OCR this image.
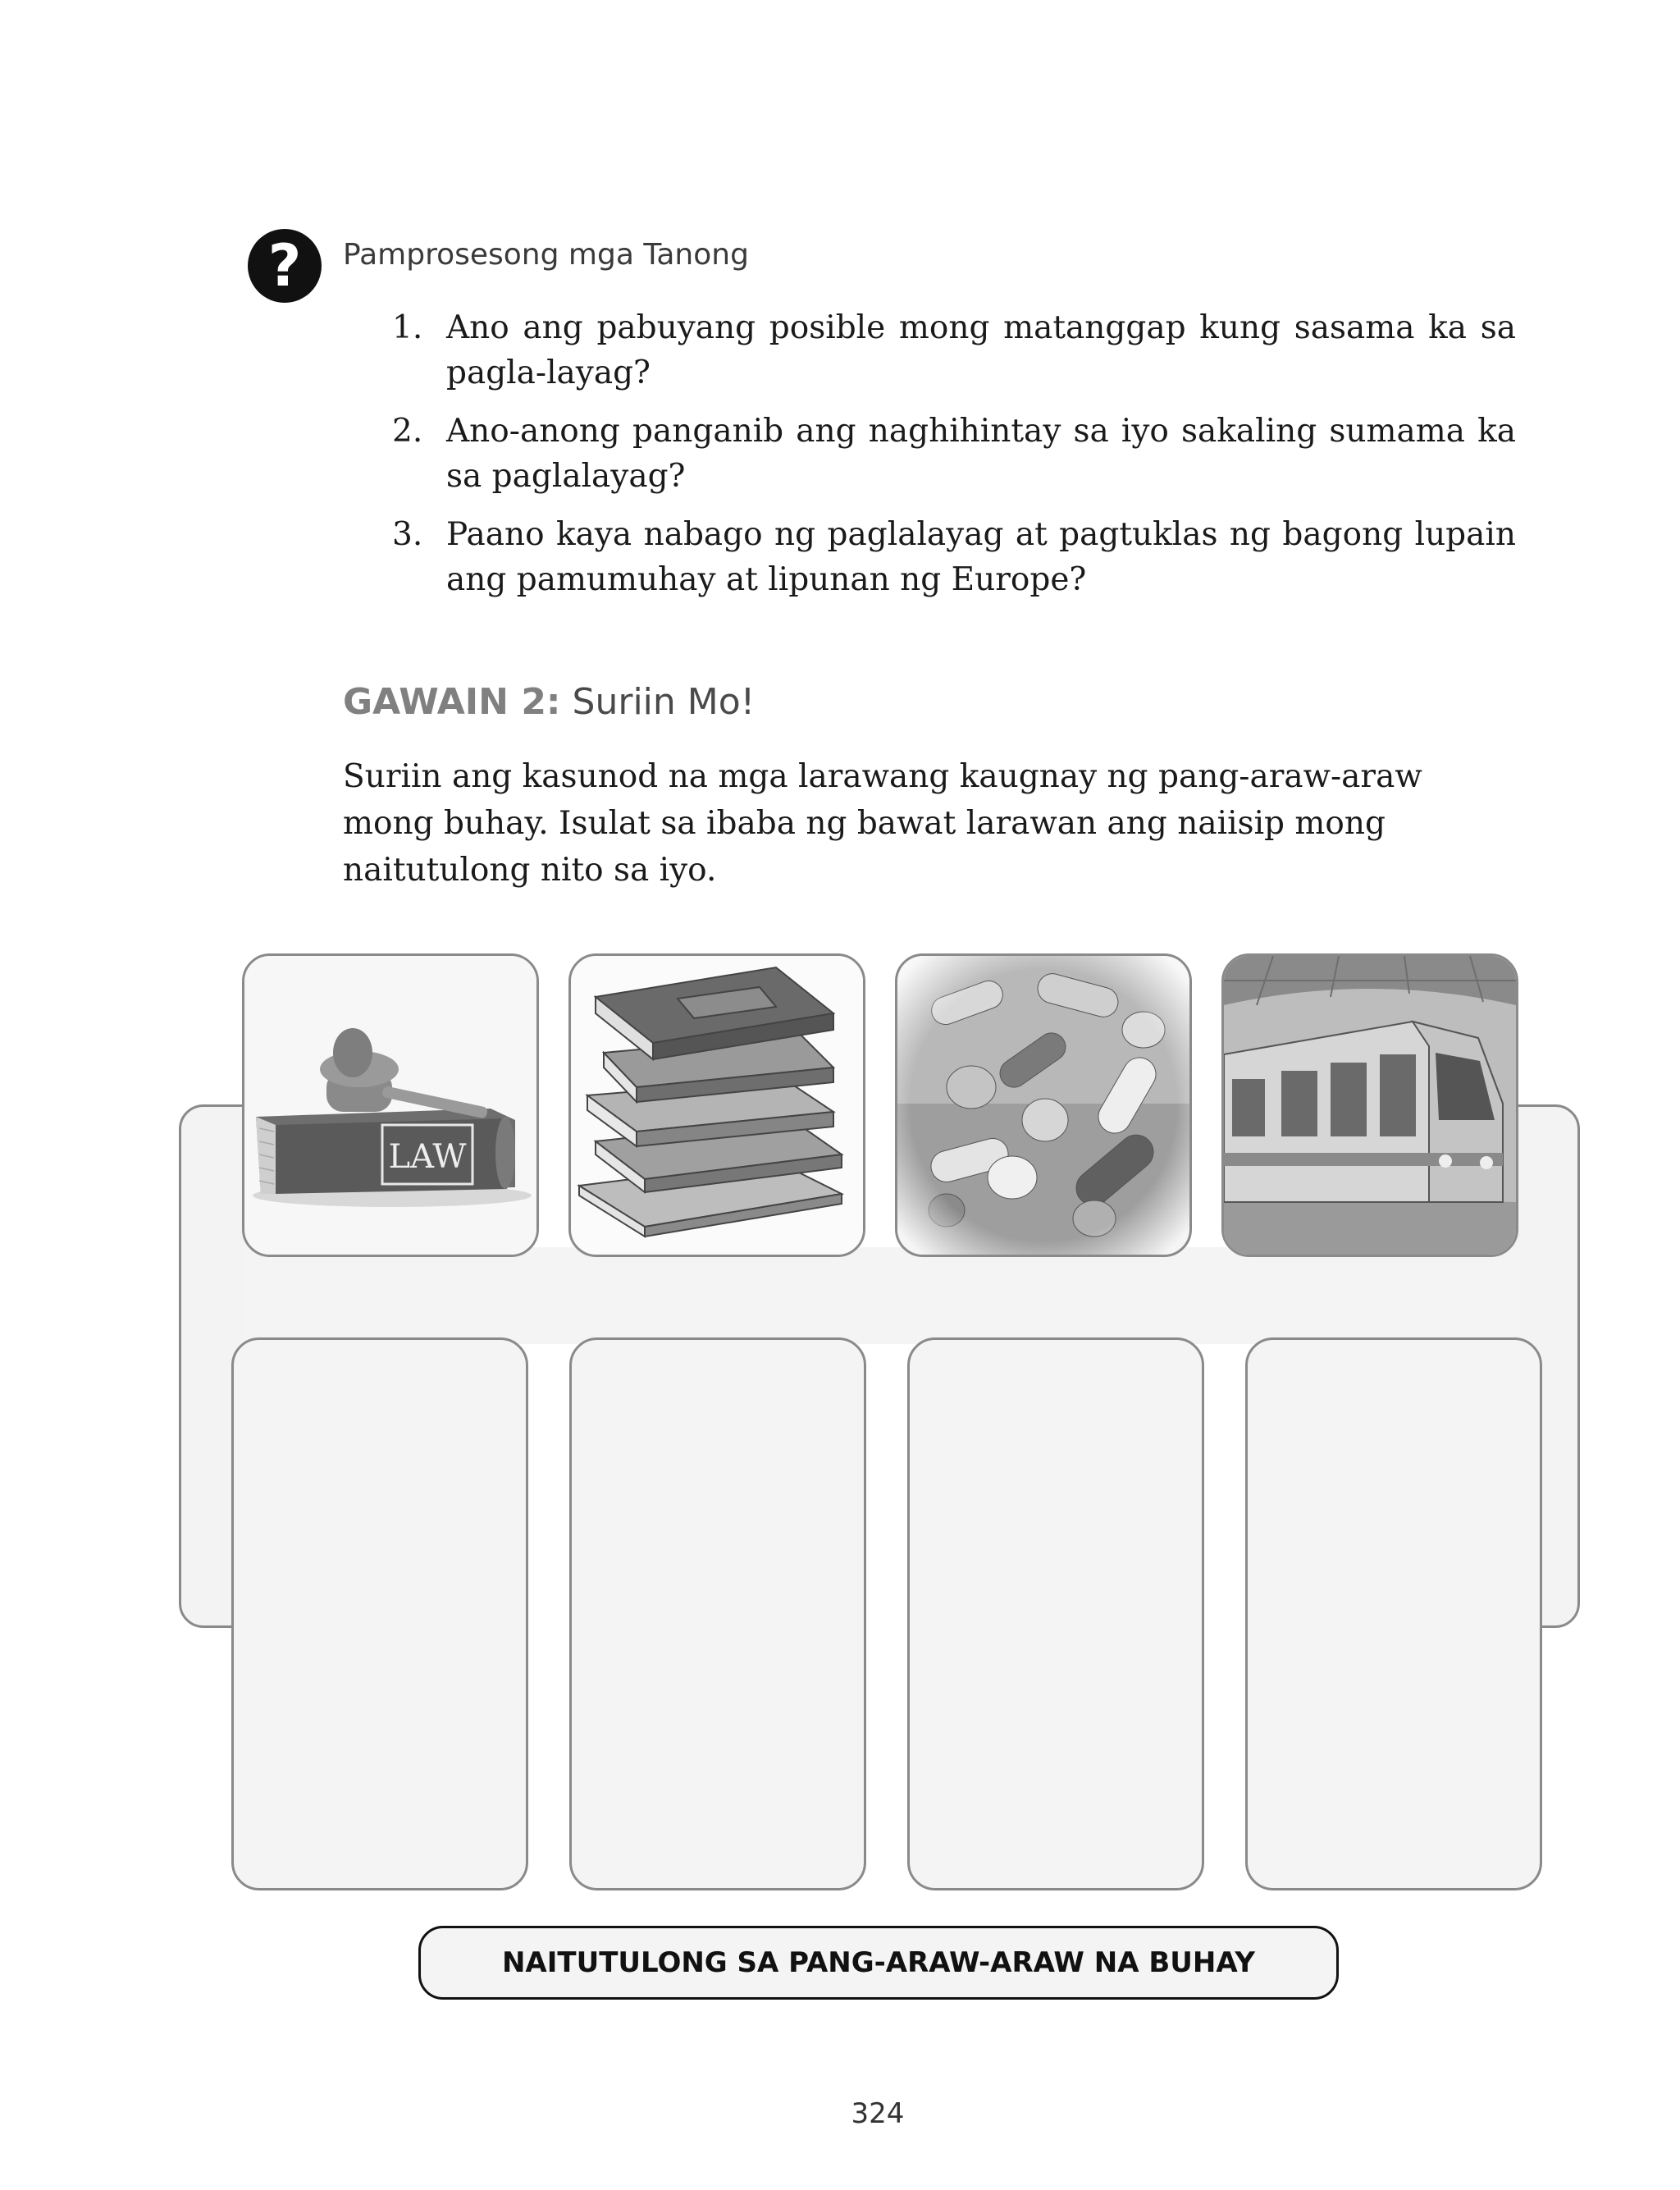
?	Pamprosesong mga Tanong
1. Ano ang pabuyang posible mong matanggap kung sasama ka sa pagla-layag?
2. Ano-anong panganib ang naghihintay sa iyo sakaling sumama ka sa paglalayag?
3. Paano kaya nabago ng paglalayag at pagtuklas ng bagong lupain ang pamumuhay at lipunan ng Europe?
GAWAIN 2: Suriin Mo!
Suriin ang kasunod na mga larawang kaugnay ng pang-araw-araw mong buhay. Isulat sa ibaba ng bawat larawan ang naiisip mong naitutulong nito sa iyo.
LAW
NAITUTULONG SA PANG-ARAW-ARAW NA BUHAY
324
